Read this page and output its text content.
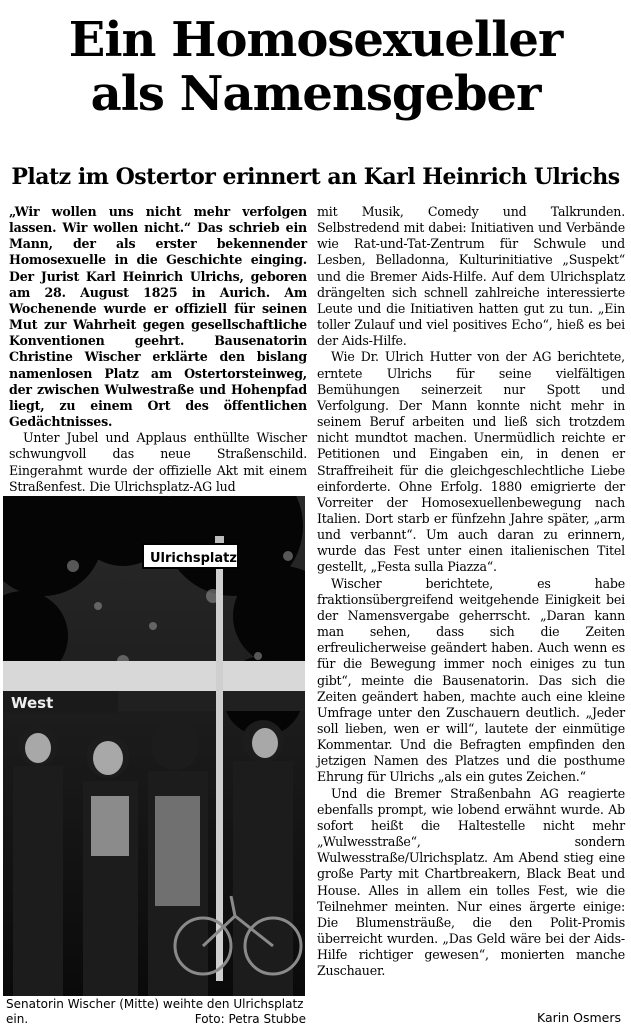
Ein Homosexueller
als Namensgeber
Platz im Ostertor erinnert an Karl Heinrich Ulrichs

„Wir wollen uns nicht mehr verfolgen lassen. Wir wollen nicht.“ Das schrieb ein Mann, der als erster bekennender Homosexuelle in die Geschichte einging. Der Jurist Karl Heinrich Ulrichs, geboren am 28. August 1825 in Aurich. Am Wochenende wurde er offiziell für seinen Mut zur Wahrheit gegen gesellschaftliche Konventionen geehrt. Bausenatorin Christine Wischer erklärte den bislang namenlosen Platz am Ostertorsteinweg, der zwischen Wulwestraße und Hohenpfad liegt, zu einem Ort des öffentlichen Gedächtnisses.

Unter Jubel und Applaus enthüllte Wischer schwungvoll das neue Straßenschild. Eingerahmt wurde der offizielle Akt mit einem Straßenfest. Die Ulrichsplatz-AG lud

West
Ulrichsplatz
Senatorin Wischer (Mitte) weihte den Ulrichsplatz
ein.	Foto: Petra Stubbe

mit Musik, Comedy und Talkrunden. Selbstredend mit dabei: Initiativen und Verbände wie Rat-und-Tat-Zentrum für Schwule und Lesben, Belladonna, Kulturinitiative „Suspekt“ und die Bremer Aids-Hilfe. Auf dem Ulrichsplatz drängelten sich schnell zahlreiche interessierte Leute und die Initiativen hatten gut zu tun. „Ein toller Zulauf und viel positives Echo“, hieß es bei der Aids-Hilfe.

Wie Dr. Ulrich Hutter von der AG berichtete, erntete Ulrichs für seine vielfältigen Bemühungen seinerzeit nur Spott und Verfolgung. Der Mann konnte nicht mehr in seinem Beruf arbeiten und ließ sich trotzdem nicht mundtot machen. Unermüdlich reichte er Petitionen und Eingaben ein, in denen er Straffreiheit für die gleichgeschlechtliche Liebe einforderte. Ohne Erfolg. 1880 emigrierte der Vorreiter der Homosexuellenbewegung nach Italien. Dort starb er fünfzehn Jahre später, „arm und verbannt“. Um auch daran zu erinnern, wurde das Fest unter einen italienischen Titel gestellt, „Festa sulla Piazza“.

Wischer berichtete, es habe fraktionsübergreifend weitgehende Einigkeit bei der Namensvergabe geherrscht. „Daran kann man sehen, dass sich die Zeiten erfreulicherweise geändert haben. Auch wenn es für die Bewegung immer noch einiges zu tun gibt“, meinte die Bausenatorin. Das sich die Zeiten geändert haben, machte auch eine kleine Umfrage unter den Zuschauern deutlich. „Jeder soll lieben, wen er will“, lautete der einmütige Kommentar. Und die Befragten empfinden den jetzigen Namen des Platzes und die posthume Ehrung für Ulrichs „als ein gutes Zeichen.“

Und die Bremer Straßenbahn AG reagierte ebenfalls prompt, wie lobend erwähnt wurde. Ab sofort heißt die Haltestelle nicht mehr „Wulwesstraße“, sondern Wulwesstraße/Ulrichsplatz. Am Abend stieg eine große Party mit Chartbreakern, Black Beat und House. Alles in allem ein tolles Fest, wie die Teilnehmer meinten. Nur eines ärgerte einige: Die Blumensträuße, die den Polit-Promis überreicht wurden. „Das Geld wäre bei der Aids-Hilfe richtiger gewesen“, monierten manche Zuschauer.

Karin Osmers
